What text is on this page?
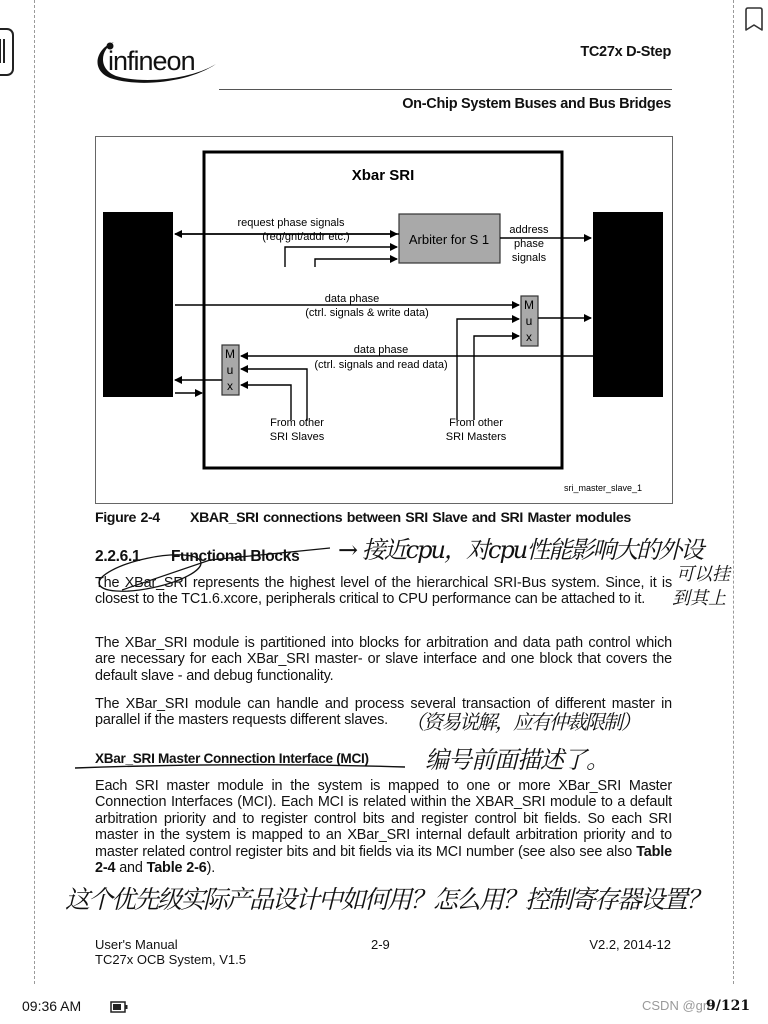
infineon	TC27x D-Step
On-Chip System Buses and Bus Bridges
Xbar SRI
Arbiter for S 1
request phase signals
(req/gnt/addr etc.)
address
phase
signals
M
u
x
data phase
(ctrl. signals & write data)
M
u
x
data phase
(ctrl. signals and read data)
From other
SRI Slaves
From other
SRI Masters
sri_master_slave_1
Figure 2-4 XBAR_SRI connections between SRI Slave and SRI Master modules
2.2.6.1 Functional Blocks
The XBar_SRI represents the highest level of the hierarchical SRI-Bus system. Since, it is closest to the TC1.6.xcore, peripherals critical to CPU performance can be attached to it.
The XBar_SRI module is partitioned into blocks for arbitration and data path control which are necessary for each XBar_SRI master- or slave interface and one block that covers the default slave - and debug functionality.
The XBar_SRI module can handle and process several transaction of different master in parallel if the masters requests different slaves.
XBar_SRI Master Connection Interface (MCI)
Each SRI master module in the system is mapped to one or more XBar_SRI Master Connection Interfaces (MCI). Each MCI is related within the XBAR_SRI module to a default arbitration priority and to register control bits and register control bit fields. So each SRI master in the system is mapped to an XBar_SRI internal default arbitration priority and to master related control register bits and bit fields via its MCI number (see also see also Table 2-4 and Table 2-6).
→ 接近cpu，对cpu性能影响大的外设
可以挂
到其上
（资易说解，应有仲裁限制）
编号前面描述了。
这个优先级实际产品设计中如何用？怎么用？控制寄存器设置？
User's Manual
TC27x OCB System, V1.5
2-9	V2.2, 2014-12
09:36 AM	CSDN @gre
9/121
